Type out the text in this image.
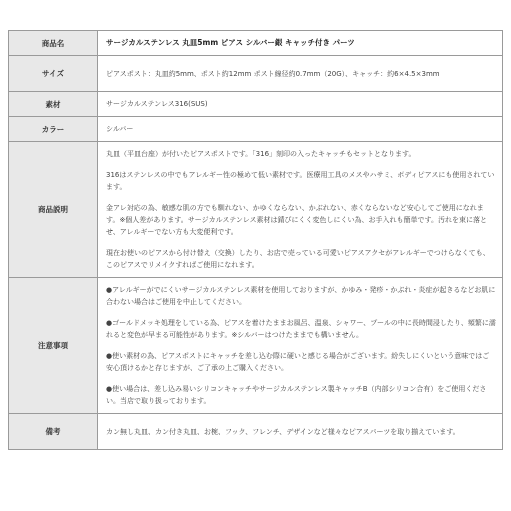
商品名	サージカルステンレス 丸皿5mm ピアス シルバー銀 キャッチ付き パーツ
サイズ	ピアスポスト：丸皿約5mm、ポスト約12mm ポスト線径約0.7mm（20G）、キャッチ：約6×4.5×3mm
素材	サージカルステンレス316(SUS)
カラー	シルバー
商品説明	丸皿（平皿台座）が付いたピアスポストです。「316」刻印の入ったキャッチもセットとなります。

316はステンレスの中でもアレルギー性の極めて低い素材です。医療用工具のメスやハサミ、ボディピアスにも使用されています。

金アレ対応の為、敏感な肌の方でも馴れない、かゆくならない、かぶれない、赤くならないなど安心してご使用になれます。※個人差があります。サージカルステンレス素材は錆びにくく変色しにくい為、お手入れも簡単です。汚れを束に落とせ、アレルギーでない方も大変便利です。

現在お使いのピアスから付け替え（交換）したり、お店で売っている可愛いピアスアクセがアレルギーでつけらなくても、このピアスでリメイクすればご使用になれます。

注意事項	●アレルギーがでにくいサージカルステンレス素材を使用しておりますが、かゆみ・発疹・かぶれ・炎症が起きるなどお肌に合わない場合はご使用を中止してください。

●ゴールドメッキ処理をしている為、ピアスを着けたままお風呂、温泉、シャワー、プールの中に長時間浸したり、頻繁に濡れると変色が早まる可能性があります。※シルバーはつけたままでも構いません。

●使い素材の為、ピアスポストにキャッチを差し込む際に硬いと感じる場合がございます。紛失しにくいという意味ではご安心頂けるかと存じますが、ご了承の上ご購入ください。

●使い場合は、差し込み易いシリコンキャッチやサージカルステンレス製キャッチB（内部シリコン合有）をご使用ください。当店で取り扱っております。

備考	カン無し丸皿、カン付き丸皿、お椀、フック、フレンチ、デザインなど様々なピアスパーツを取り揃えています。
